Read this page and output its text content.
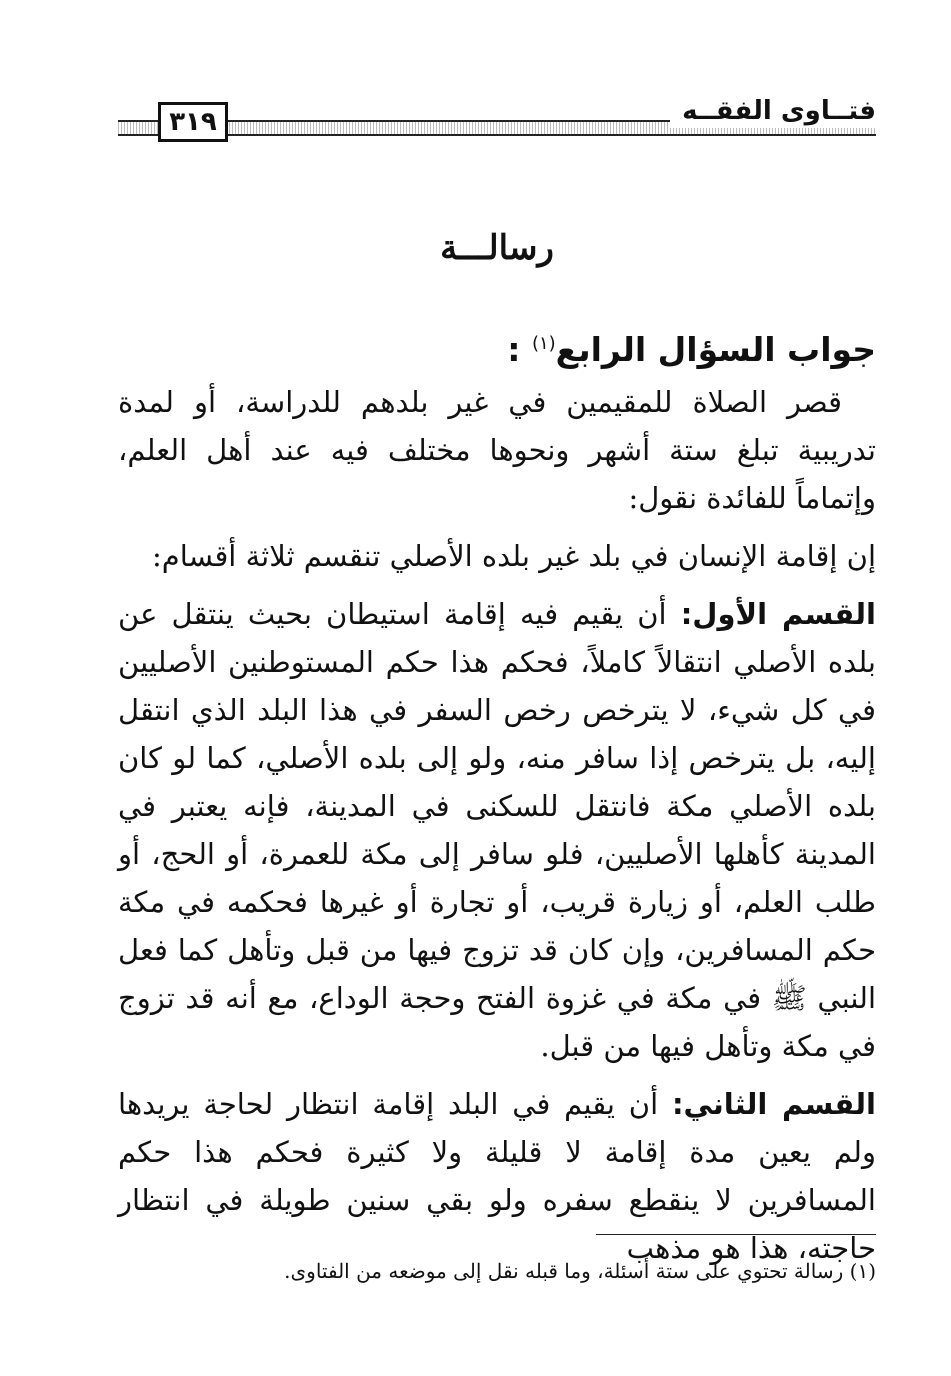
٣١٩	فتــاوى الفقــه
رسالـــة
جواب السؤال الرابع$^{(١)}$ :

قصر الصلاة للمقيمين في غير بلدهم للدراسة، أو لمدة تدريبية تبلغ ستة أشهر ونحوها مختلف فيه عند أهل العلم، وإتماماً للفائدة نقول:

إن إقامة الإنسان في بلد غير بلده الأصلي تنقسم ثلاثة أقسام:

القسم الأول: أن يقيم فيه إقامة استيطان بحيث ينتقل عن بلده الأصلي انتقالاً كاملاً، فحكم هذا حكم المستوطنين الأصليين في كل شيء، لا يترخص رخص السفر في هذا البلد الذي انتقل إليه، بل يترخص إذا سافر منه، ولو إلى بلده الأصلي، كما لو كان بلده الأصلي مكة فانتقل للسكنى في المدينة، فإنه يعتبر في المدينة كأهلها الأصليين، فلو سافر إلى مكة للعمرة، أو الحج، أو طلب العلم، أو زيارة قريب، أو تجارة أو غيرها فحكمه في مكة حكم المسافرين، وإن كان قد تزوج فيها من قبل وتأهل كما فعل النبي ﷺ في مكة في غزوة الفتح وحجة الوداع، مع أنه قد تزوج في مكة وتأهل فيها من قبل.

القسم الثاني: أن يقيم في البلد إقامة انتظار لحاجة يريدها ولم يعين مدة إقامة لا قليلة ولا كثيرة فحكم هذا حكم المسافرين لا ينقطع سفره ولو بقي سنين طويلة في انتظار حاجته، هذا هو مذهب

(١) رسالة تحتوي على ستة أسئلة، وما قبله نقل إلى موضعه من الفتاوى.
